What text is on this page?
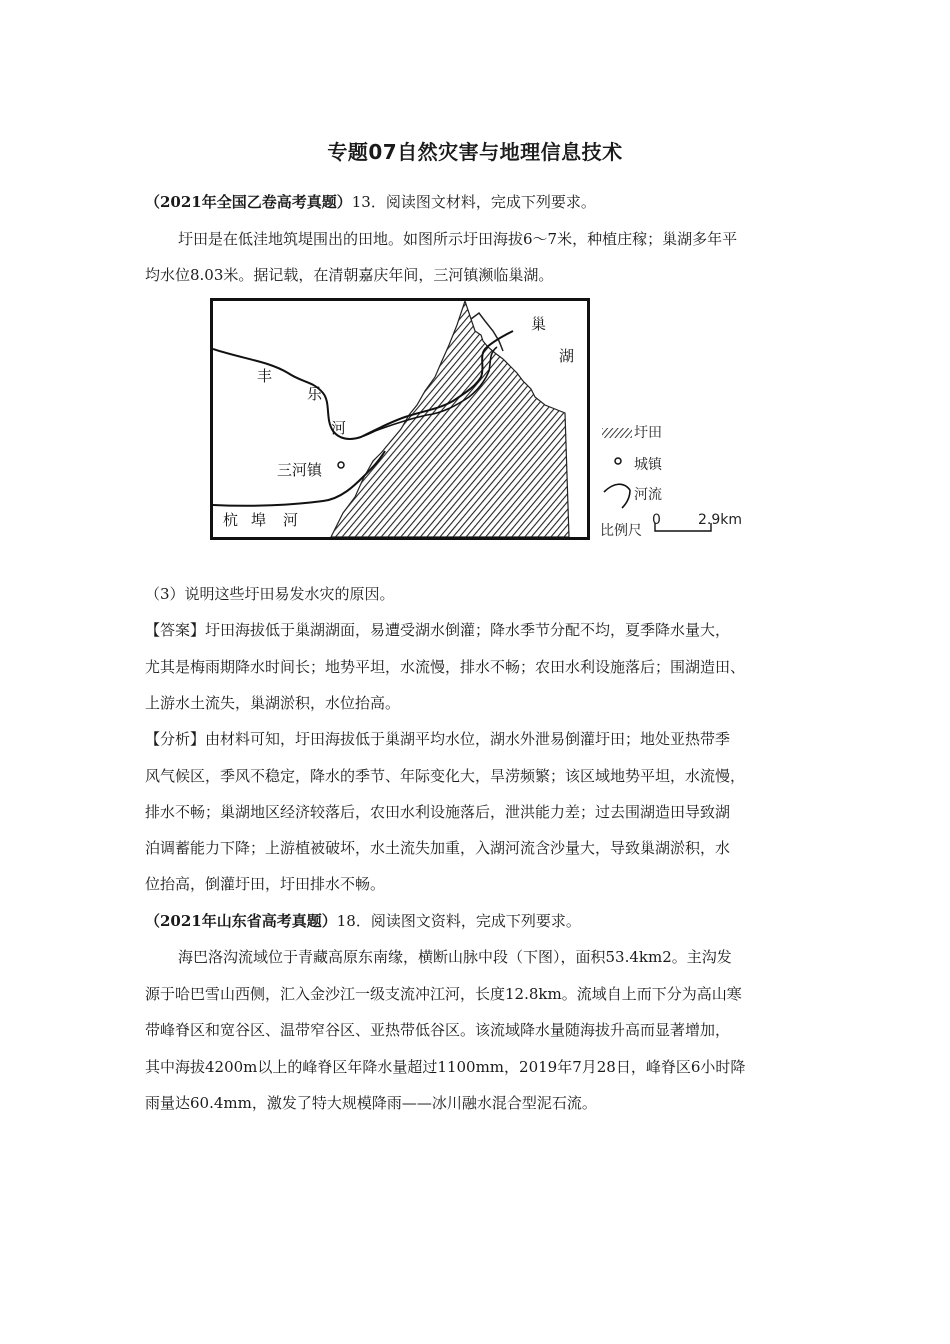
专题07自然灾害与地理信息技术
（2021年全国乙卷高考真题）13．阅读图文材料，完成下列要求。
圩田是在低洼地筑堤围出的田地。如图所示圩田海拔6～7米，种植庄稼；巢湖多年平
均水位8.03米。据记载，在清朝嘉庆年间，三河镇濒临巢湖。
巢
湖
丰
乐
河
三河镇
杭 埠 河
圩田
城镇
河流
比例尺
0	2.9km
（3）说明这些圩田易发水灾的原因。
【答案】圩田海拔低于巢湖湖面，易遭受湖水倒灌；降水季节分配不均，夏季降水量大，
尤其是梅雨期降水时间长；地势平坦，水流慢，排水不畅；农田水利设施落后；围湖造田、
上游水土流失，巢湖淤积，水位抬高。
【分析】由材料可知，圩田海拔低于巢湖平均水位，湖水外泄易倒灌圩田；地处亚热带季
风气候区，季风不稳定，降水的季节、年际变化大，旱涝频繁；该区域地势平坦，水流慢，
排水不畅；巢湖地区经济较落后，农田水利设施落后，泄洪能力差；过去围湖造田导致湖
泊调蓄能力下降；上游植被破坏，水土流失加重，入湖河流含沙量大，导致巢湖淤积，水
位抬高，倒灌圩田，圩田排水不畅。
（2021年山东省高考真题）18．阅读图文资料，完成下列要求。
海巴洛沟流域位于青藏高原东南缘，横断山脉中段（下图），面积53.4km2。主沟发
源于哈巴雪山西侧，汇入金沙江一级支流冲江河，长度12.8km。流域自上而下分为高山寒
带峰脊区和宽谷区、温带窄谷区、亚热带低谷区。该流域降水量随海拔升高而显著增加，
其中海拔4200m以上的峰脊区年降水量超过1100mm，2019年7月28日，峰脊区6小时降
雨量达60.4mm，激发了特大规模降雨——冰川融水混合型泥石流。
